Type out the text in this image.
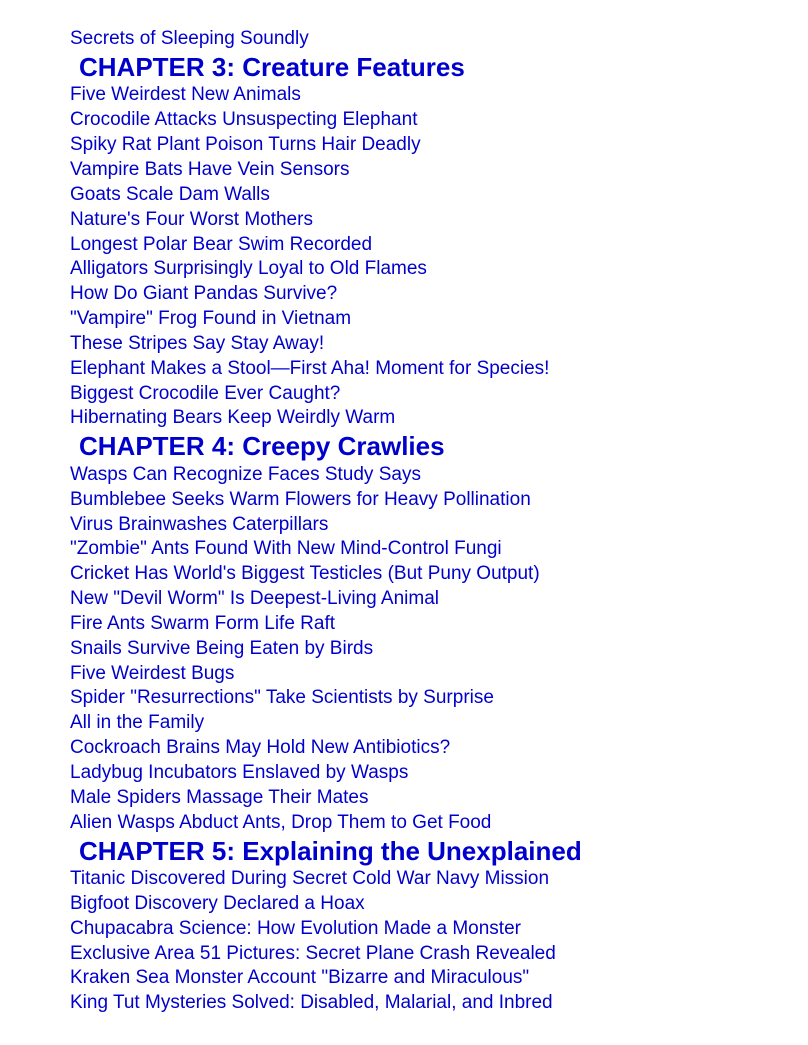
Secrets of Sleeping Soundly
CHAPTER 3: Creature Features
Five Weirdest New Animals
Crocodile Attacks Unsuspecting Elephant
Spiky Rat Plant Poison Turns Hair Deadly
Vampire Bats Have Vein Sensors
Goats Scale Dam Walls
Nature's Four Worst Mothers
Longest Polar Bear Swim Recorded
Alligators Surprisingly Loyal to Old Flames
How Do Giant Pandas Survive?
"Vampire" Frog Found in Vietnam
These Stripes Say Stay Away!
Elephant Makes a Stool—First Aha! Moment for Species!
Biggest Crocodile Ever Caught?
Hibernating Bears Keep Weirdly Warm
CHAPTER 4: Creepy Crawlies
Wasps Can Recognize Faces Study Says
Bumblebee Seeks Warm Flowers for Heavy Pollination
Virus Brainwashes Caterpillars
"Zombie" Ants Found With New Mind-Control Fungi
Cricket Has World's Biggest Testicles (But Puny Output)
New "Devil Worm" Is Deepest-Living Animal
Fire Ants Swarm Form Life Raft
Snails Survive Being Eaten by Birds
Five Weirdest Bugs
Spider "Resurrections" Take Scientists by Surprise
All in the Family
Cockroach Brains May Hold New Antibiotics?
Ladybug Incubators Enslaved by Wasps
Male Spiders Massage Their Mates
Alien Wasps Abduct Ants, Drop Them to Get Food
CHAPTER 5: Explaining the Unexplained
Titanic Discovered During Secret Cold War Navy Mission
Bigfoot Discovery Declared a Hoax
Chupacabra Science: How Evolution Made a Monster
Exclusive Area 51 Pictures: Secret Plane Crash Revealed
Kraken Sea Monster Account "Bizarre and Miraculous"
King Tut Mysteries Solved: Disabled, Malarial, and Inbred
